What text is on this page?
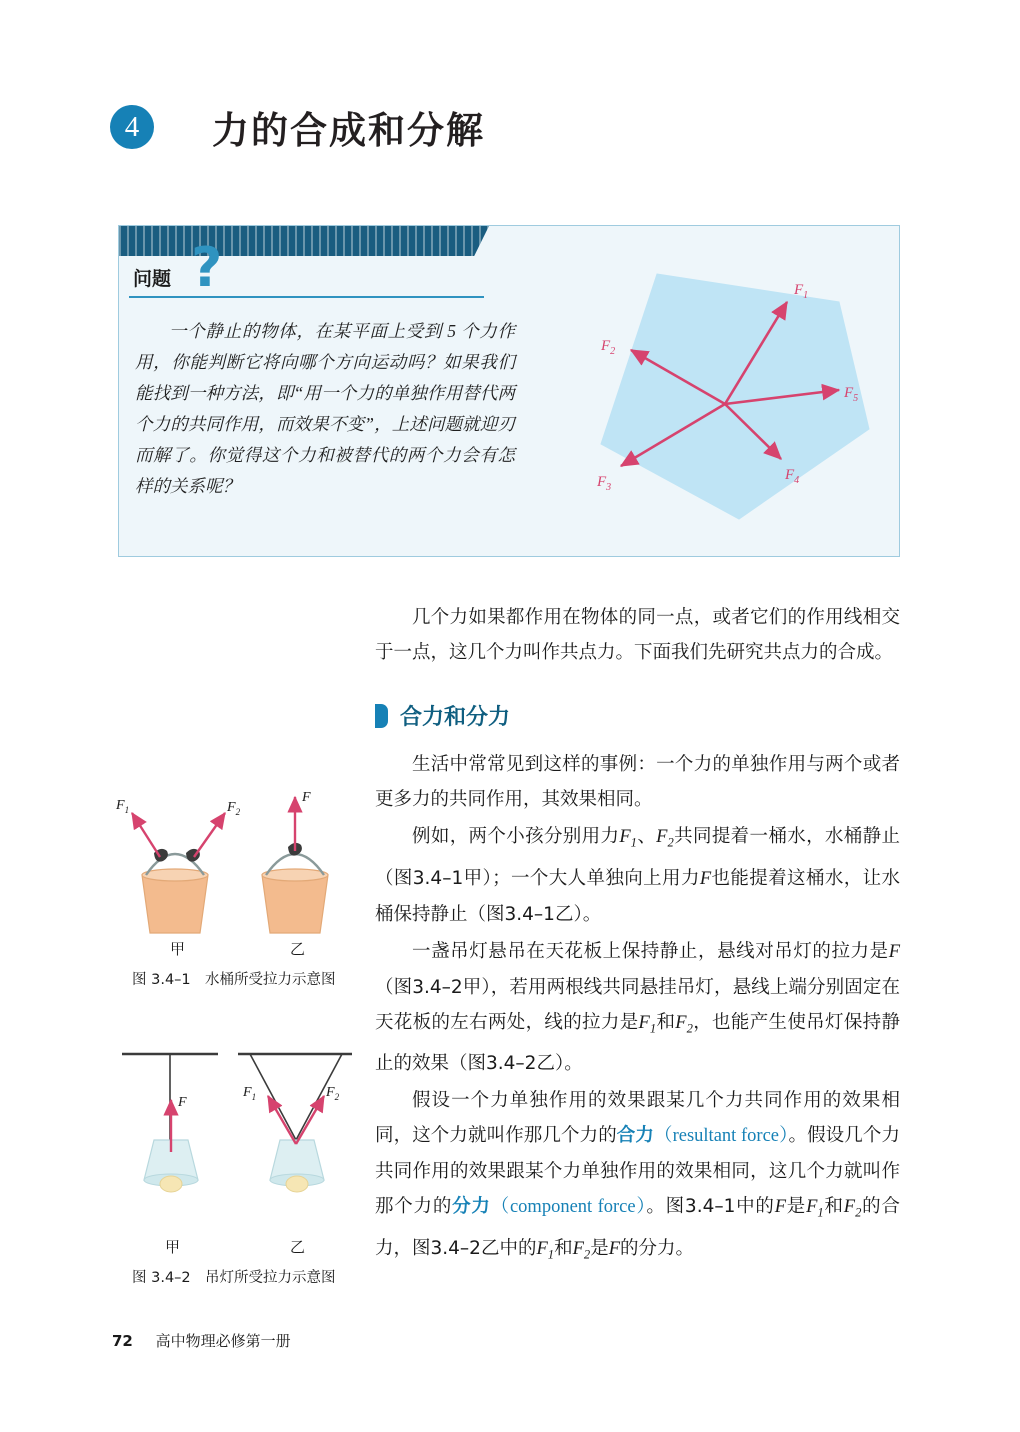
4	力的合成和分解
问题 ?
一个静止的物体，在某平面上受到 5 个力作用，你能判断它将向哪个方向运动吗？如果我们能找到一种方法，即“用一个力的单独作用替代两个力的共同作用，而效果不变”，上述问题就迎刃而解了。你觉得这个力和被替代的两个力会有怎样的关系呢？
$F_1$
$F_2$
$F_3$
$F_4$
$F_5$

几个力如果都作用在物体的同一点，或者它们的作用线相交于一点，这几个力叫作共点力。下面我们先研究共点力的合成。

合力和分力

生活中常常见到这样的事例：一个力的单独作用与两个或者更多力的共同作用，其效果相同。

例如，两个小孩分别用力$F_1$、$F_2$共同提着一桶水，水桶静止（图3.4–1甲）；一个大人单独向上用力F也能提着这桶水，让水桶保持静止（图3.4–1乙）。

一盏吊灯悬吊在天花板上保持静止，悬线对吊灯的拉力是F（图3.4–2甲），若用两根线共同悬挂吊灯，悬线上端分别固定在天花板的左右两处，线的拉力是$F_1$和$F_2$，也能产生使吊灯保持静止的效果（图3.4–2乙）。

假设一个力单独作用的效果跟某几个力共同作用的效果相同，这个力就叫作那几个力的合力（resultant force）。假设几个力共同作用的效果跟某个力单独作用的效果相同，这几个力就叫作那个力的分力（component force）。图3.4–1中的F是$F_1$和$F_2$的合力，图3.4–2乙中的$F_1$和$F_2$是F的分力。

$F_1$	$F_2$
F
甲	乙
图 3.4–1 水桶所受拉力示意图
F
$F_1$	$F_2$
甲	乙
图 3.4–2 吊灯所受拉力示意图
72 高中物理必修第一册
